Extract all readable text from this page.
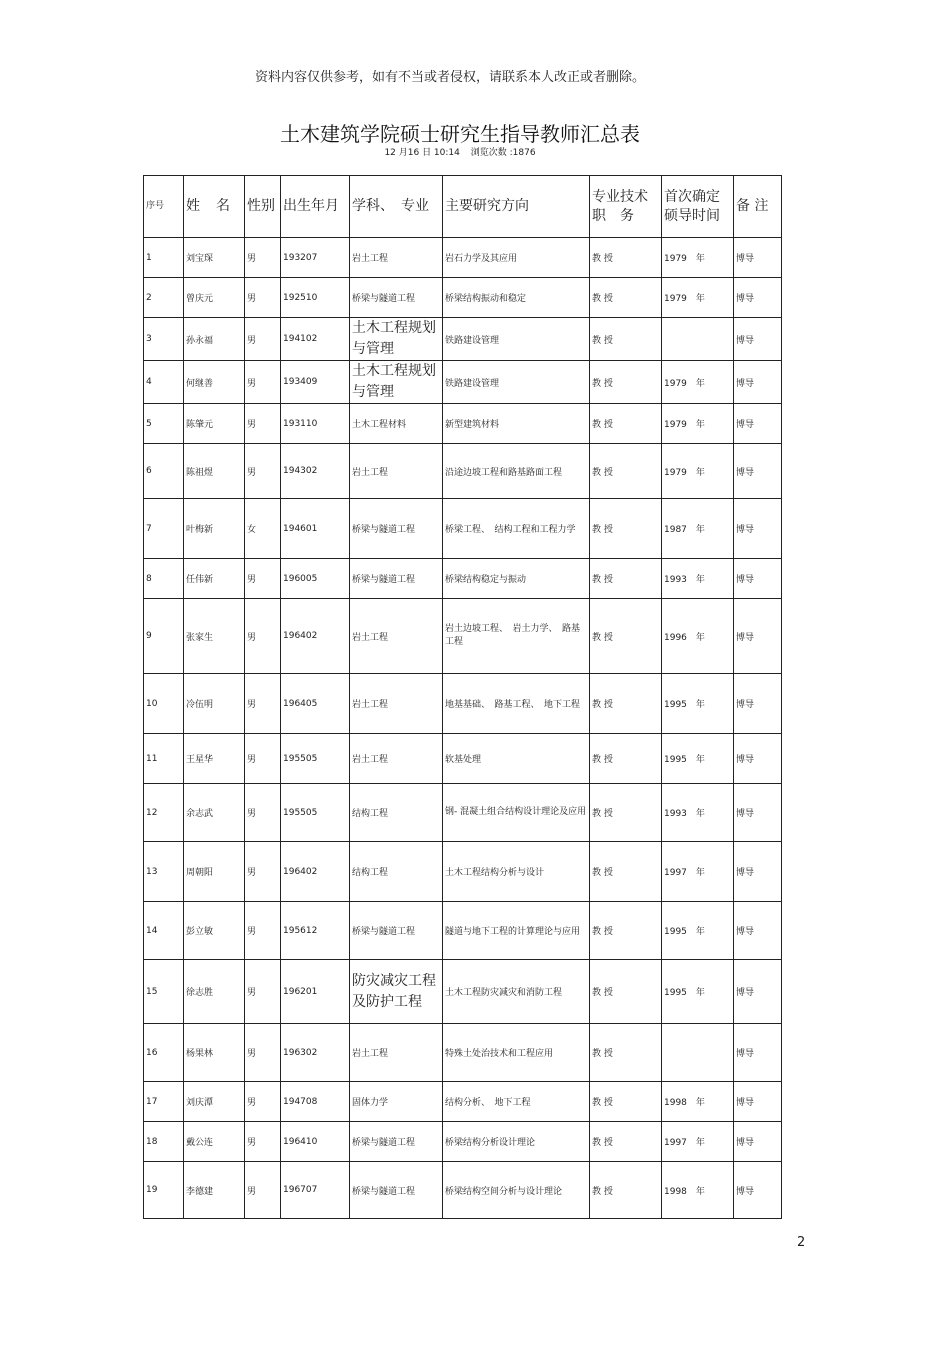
资料内容仅供参考，如有不当或者侵权，请联系本人改正或者删除。
土木建筑学院硕士研究生指导教师汇总表
12 月16 日 10:14 浏览次数 :1876
序号	姓　名	性别	出生年月	学科、　专业	主要研究方向	专业技术职　务	首次确定硕导时间	备 注
1	刘宝琛	男	193207	岩土工程	岩石力学及其应用	教 授	1979　年	博导
2	曾庆元	男	192510	桥梁与隧道工程	桥梁结构振动和稳定	教 授	1979　年	博导
3	孙永福	男	194102	土木工程规划与管理	铁路建设管理	教 授		博导
4	何继善	男	193409	土木工程规划与管理	铁路建设管理	教 授	1979　年	博导
5	陈肇元	男	193110	土木工程材料	新型建筑材料	教 授	1979　年	博导
6	陈祖煜	男	194302	岩土工程	沿途边坡工程和路基路面工程	教 授	1979　年	博导
7	叶梅新	女	194601	桥梁与隧道工程	桥梁工程、　结构工程和工程力学	教 授	1987　年	博导
8	任伟新	男	196005	桥梁与隧道工程	桥梁结构稳定与振动	教 授	1993　年	博导
9	张家生	男	196402	岩土工程	岩土边坡工程、　岩土力学、　路基工程	教 授	1996　年	博导
10	冷伍明	男	196405	岩土工程	地基基础、　路基工程、　地下工程	教 授	1995　年	博导
11	王星华	男	195505	岩土工程	软基处理	教 授	1995　年	博导
12	余志武	男	195505	结构工程	钢- 混凝土组合结构设计理论及应用	教 授	1993　年	博导
13	周朝阳	男	196402	结构工程	土木工程结构分析与设计	教 授	1997　年	博导
14	彭立敏	男	195612	桥梁与隧道工程	隧道与地下工程的计算理论与应用	教 授	1995　年	博导
15	徐志胜	男	196201	防灾减灾工程及防护工程	土木工程防灾减灾和消防工程	教 授	1995　年	博导
16	杨果林	男	196302	岩土工程	特殊土处治技术和工程应用	教 授		博导
17	刘庆潭	男	194708	固体力学	结构分析、　地下工程	教 授	1998　年	博导
18	戴公连	男	196410	桥梁与隧道工程	桥梁结构分析设计理论	教 授	1997　年	博导
19	李德建	男	196707	桥梁与隧道工程	桥梁结构空间分析与设计理论	教 授	1998　年	博导
2
